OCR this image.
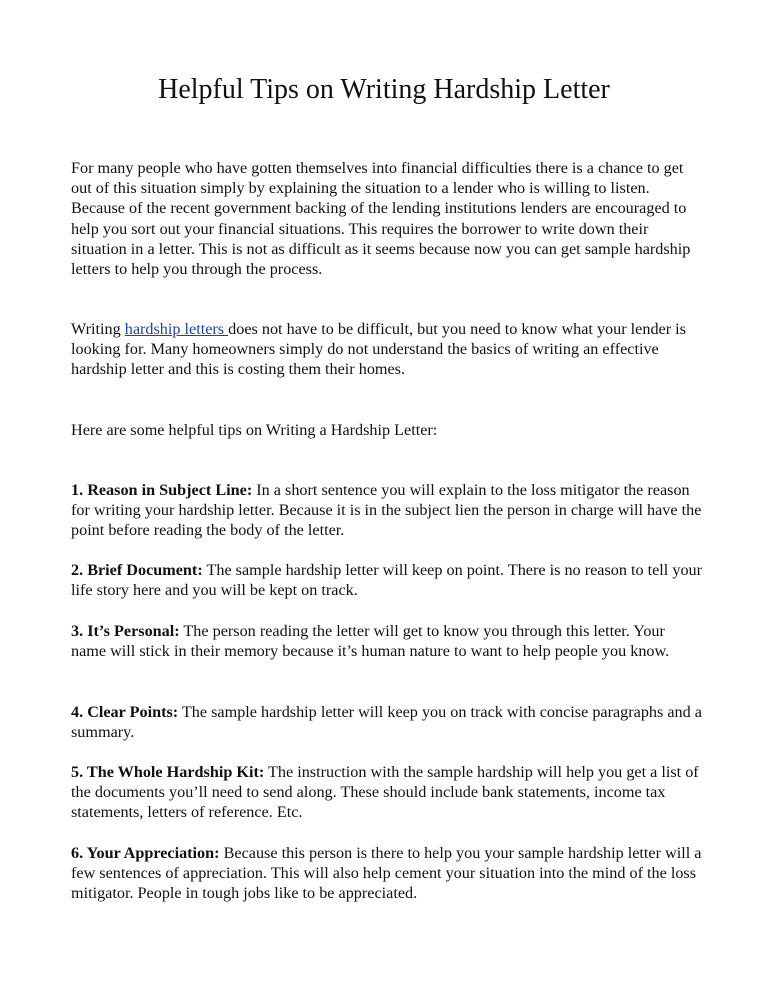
Helpful Tips on Writing Hardship Letter

For many people who have gotten themselves into financial difficulties there is a chance to get out of this situation simply by explaining the situation to a lender who is willing to listen. Because of the recent government backing of the lending institutions lenders are encouraged to help you sort out your financial situations. This requires the borrower to write down their situation in a letter. This is not as difficult as it seems because now you can get sample hardship letters to help you through the process.

Writing hardship letters does not have to be difficult, but you need to know what your lender is looking for. Many homeowners simply do not understand the basics of writing an effective hardship letter and this is costing them their homes.

Here are some helpful tips on Writing a Hardship Letter:

1. Reason in Subject Line: In a short sentence you will explain to the loss mitigator the reason for writing your hardship letter. Because it is in the subject lien the person in charge will have the point before reading the body of the letter.

2. Brief Document: The sample hardship letter will keep on point. There is no reason to tell your life story here and you will be kept on track.

3. It’s Personal: The person reading the letter will get to know you through this letter. Your name will stick in their memory because it’s human nature to want to help people you know.

4. Clear Points: The sample hardship letter will keep you on track with concise paragraphs and a summary.

5. The Whole Hardship Kit: The instruction with the sample hardship will help you get a list of the documents you’ll need to send along. These should include bank statements, income tax statements, letters of reference. Etc.

6. Your Appreciation: Because this person is there to help you your sample hardship letter will a few sentences of appreciation. This will also help cement your situation into the mind of the loss mitigator. People in tough jobs like to be appreciated.
